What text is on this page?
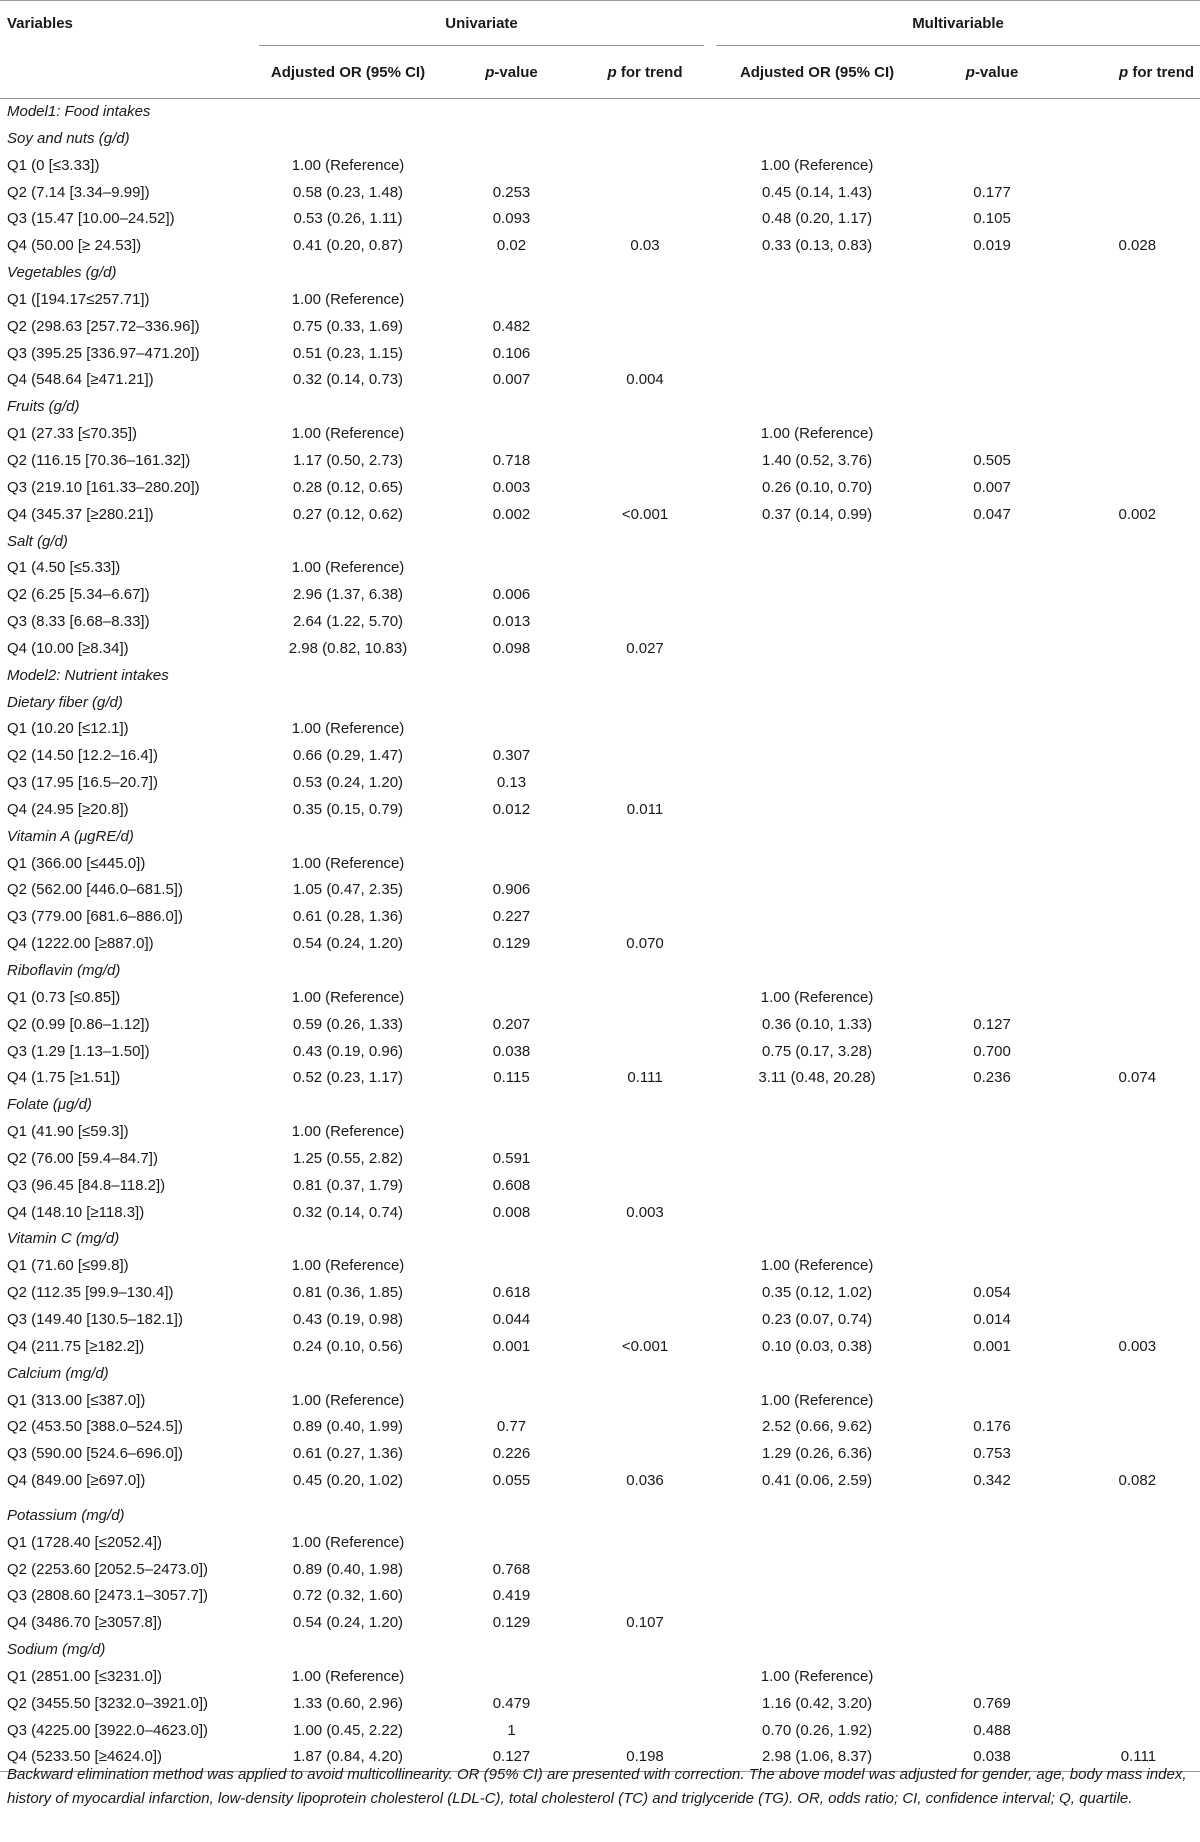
Variables	Univariate				Multivariable		
	Adjusted OR (95% CI)	p-value	p for trend		Adjusted OR (95% CI)	p-value	p for trend
Model1: Food intakes							
Soy and nuts (g/d)							
Q1 (0 [≤3.33])	1.00 (Reference)				1.00 (Reference)		
Q2 (7.14 [3.34–9.99])	0.58 (0.23, 1.48)	0.253			0.45 (0.14, 1.43)	0.177	
Q3 (15.47 [10.00–24.52])	0.53 (0.26, 1.11)	0.093			0.48 (0.20, 1.17)	0.105	
Q4 (50.00 [≥ 24.53])	0.41 (0.20, 0.87)	0.02	0.03		0.33 (0.13, 0.83)	0.019	0.028
Vegetables (g/d)							
Q1 ([194.17≤257.71])	1.00 (Reference)						
Q2 (298.63 [257.72–336.96])	0.75 (0.33, 1.69)	0.482					
Q3 (395.25 [336.97–471.20])	0.51 (0.23, 1.15)	0.106					
Q4 (548.64 [≥471.21])	0.32 (0.14, 0.73)	0.007	0.004				
Fruits (g/d)							
Q1 (27.33 [≤70.35])	1.00 (Reference)				1.00 (Reference)		
Q2 (116.15 [70.36–161.32])	1.17 (0.50, 2.73)	0.718			1.40 (0.52, 3.76)	0.505	
Q3 (219.10 [161.33–280.20])	0.28 (0.12, 0.65)	0.003			0.26 (0.10, 0.70)	0.007	
Q4 (345.37 [≥280.21])	0.27 (0.12, 0.62)	0.002	<0.001		0.37 (0.14, 0.99)	0.047	0.002
Salt (g/d)							
Q1 (4.50 [≤5.33])	1.00 (Reference)						
Q2 (6.25 [5.34–6.67])	2.96 (1.37, 6.38)	0.006					
Q3 (8.33 [6.68–8.33])	2.64 (1.22, 5.70)	0.013					
Q4 (10.00 [≥8.34])	2.98 (0.82, 10.83)	0.098	0.027				
Model2: Nutrient intakes							
Dietary fiber (g/d)							
Q1 (10.20 [≤12.1])	1.00 (Reference)						
Q2 (14.50 [12.2–16.4])	0.66 (0.29, 1.47)	0.307					
Q3 (17.95 [16.5–20.7])	0.53 (0.24, 1.20)	0.13					
Q4 (24.95 [≥20.8])	0.35 (0.15, 0.79)	0.012	0.011				
Vitamin A (μgRE/d)							
Q1 (366.00 [≤445.0])	1.00 (Reference)						
Q2 (562.00 [446.0–681.5])	1.05 (0.47, 2.35)	0.906					
Q3 (779.00 [681.6–886.0])	0.61 (0.28, 1.36)	0.227					
Q4 (1222.00 [≥887.0])	0.54 (0.24, 1.20)	0.129	0.070				
Riboflavin (mg/d)							
Q1 (0.73 [≤0.85])	1.00 (Reference)				1.00 (Reference)		
Q2 (0.99 [0.86–1.12])	0.59 (0.26, 1.33)	0.207			0.36 (0.10, 1.33)	0.127	
Q3 (1.29 [1.13–1.50])	0.43 (0.19, 0.96)	0.038			0.75 (0.17, 3.28)	0.700	
Q4 (1.75 [≥1.51])	0.52 (0.23, 1.17)	0.115	0.111		3.11 (0.48, 20.28)	0.236	0.074
Folate (μg/d)							
Q1 (41.90 [≤59.3])	1.00 (Reference)						
Q2 (76.00 [59.4–84.7])	1.25 (0.55, 2.82)	0.591					
Q3 (96.45 [84.8–118.2])	0.81 (0.37, 1.79)	0.608					
Q4 (148.10 [≥118.3])	0.32 (0.14, 0.74)	0.008	0.003				
Vitamin C (mg/d)							
Q1 (71.60 [≤99.8])	1.00 (Reference)				1.00 (Reference)		
Q2 (112.35 [99.9–130.4])	0.81 (0.36, 1.85)	0.618			0.35 (0.12, 1.02)	0.054	
Q3 (149.40 [130.5–182.1])	0.43 (0.19, 0.98)	0.044			0.23 (0.07, 0.74)	0.014	
Q4 (211.75 [≥182.2])	0.24 (0.10, 0.56)	0.001	<0.001		0.10 (0.03, 0.38)	0.001	0.003
Calcium (mg/d)							
Q1 (313.00 [≤387.0])	1.00 (Reference)				1.00 (Reference)		
Q2 (453.50 [388.0–524.5])	0.89 (0.40, 1.99)	0.77			2.52 (0.66, 9.62)	0.176	
Q3 (590.00 [524.6–696.0])	0.61 (0.27, 1.36)	0.226			1.29 (0.26, 6.36)	0.753	
Q4 (849.00 [≥697.0])	0.45 (0.20, 1.02)	0.055	0.036		0.41 (0.06, 2.59)	0.342	0.082

Potassium (mg/d)							
Q1 (1728.40 [≤2052.4])	1.00 (Reference)						
Q2 (2253.60 [2052.5–2473.0])	0.89 (0.40, 1.98)	0.768					
Q3 (2808.60 [2473.1–3057.7])	0.72 (0.32, 1.60)	0.419					
Q4 (3486.70 [≥3057.8])	0.54 (0.24, 1.20)	0.129	0.107				
Sodium (mg/d)							
Q1 (2851.00 [≤3231.0])	1.00 (Reference)				1.00 (Reference)		
Q2 (3455.50 [3232.0–3921.0])	1.33 (0.60, 2.96)	0.479			1.16 (0.42, 3.20)	0.769	
Q3 (4225.00 [3922.0–4623.0])	1.00 (0.45, 2.22)	1			0.70 (0.26, 1.92)	0.488	
Q4 (5233.50 [≥4624.0])	1.87 (0.84, 4.20)	0.127	0.198		2.98 (1.06, 8.37)	0.038	0.111

Backward elimination method was applied to avoid multicollinearity. OR (95% CI) are presented with correction. The above model was adjusted for gender, age, body mass index, history of myocardial infarction, low-density lipoprotein cholesterol (LDL-C), total cholesterol (TC) and triglyceride (TG). OR, odds ratio; CI, confidence interval; Q, quartile.
